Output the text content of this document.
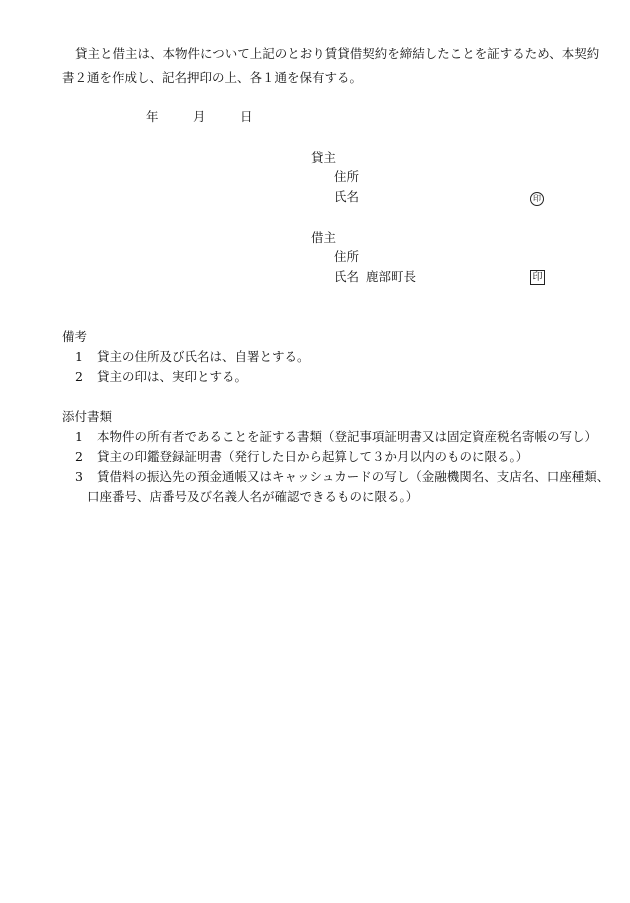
貸主と借主は、本物件について上記のとおり賃貸借契約を締結したことを証するため、本契約
書２通を作成し、記名押印の上、各１通を保有する。
年	月	日
貸主
住所
氏名	印
借主
住所
氏名 鹿部町長	印
備考
1 貸主の住所及び氏名は、自署とする。
2 貸主の印は、実印とする。
添付書類
1 本物件の所有者であることを証する書類（登記事項証明書又は固定資産税名寄帳の写し）
2 貸主の印鑑登録証明書（発行した日から起算して３か月以内のものに限る。）
3 賃借料の振込先の預金通帳又はキャッシュカードの写し（金融機関名、支店名、口座種類、
口座番号、店番号及び名義人名が確認できるものに限る。）
